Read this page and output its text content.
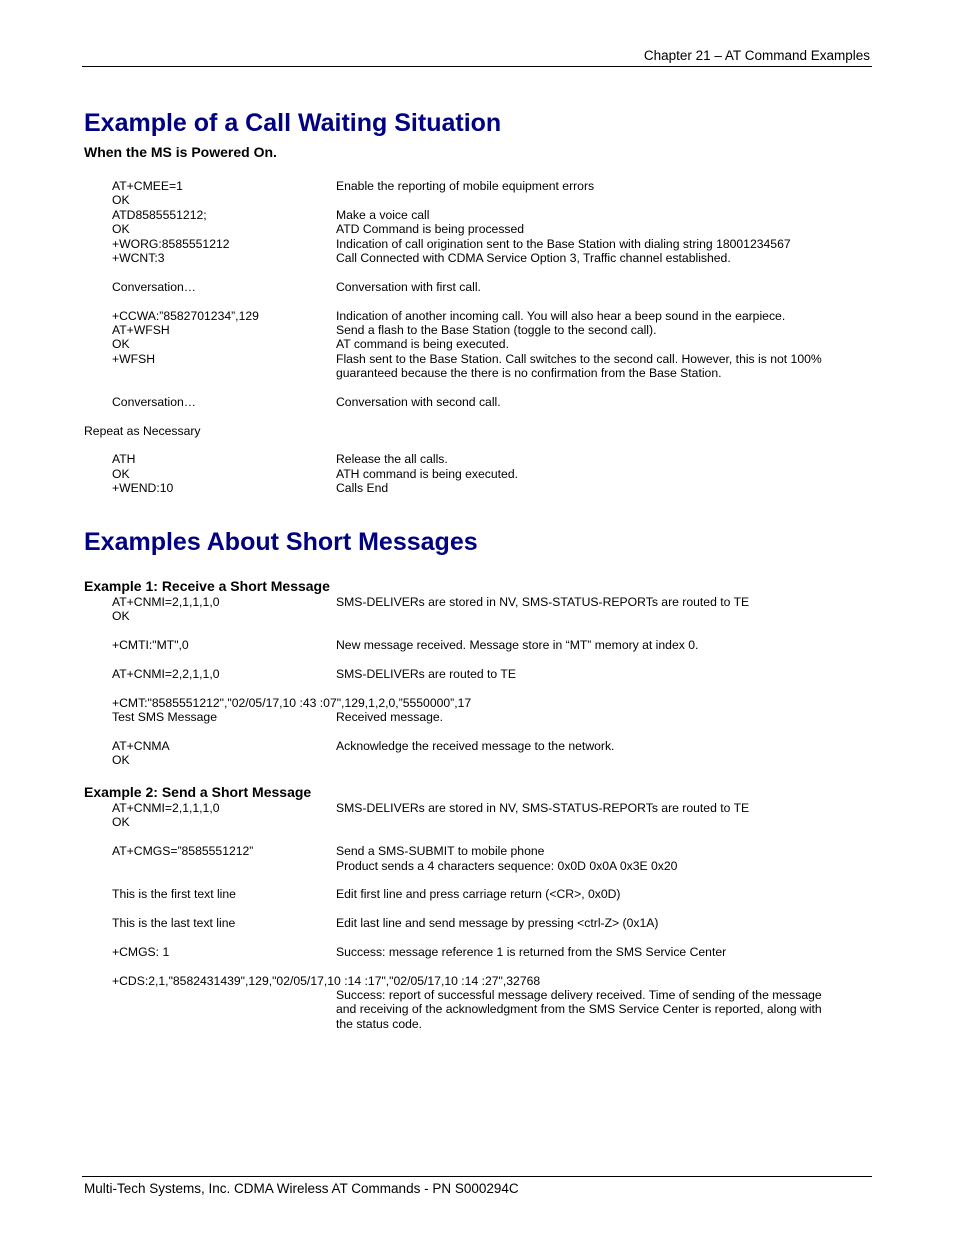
Chapter 21 – AT Command Examples
Example of a Call Waiting Situation
When the MS is Powered On.
AT+CMEE=1	Enable the reporting of mobile equipment errors
OK
ATD8585551212;	Make a voice call
OK	ATD Command is being processed
+WORG:8585551212	Indication of call origination sent to the Base Station with dialing string 18001234567
+WCNT:3	Call Connected with CDMA Service Option 3, Traffic channel established.
Conversation…	Conversation with first call.
+CCWA:”8582701234”,129	Indication of another incoming call. You will also hear a beep sound in the earpiece.
AT+WFSH	Send a flash to the Base Station (toggle to the second call).
OK	AT command is being executed.
+WFSH	Flash sent to the Base Station. Call switches to the second call. However, this is not 100%
guaranteed because the there is no confirmation from the Base Station.
Conversation…	Conversation with second call.
Repeat as Necessary
ATH	Release the all calls.
OK	ATH command is being executed.
+WEND:10	Calls End
Examples About Short Messages
Example 1: Receive a Short Message
AT+CNMI=2,1,1,1,0	SMS-DELIVERs are stored in NV, SMS-STATUS-REPORTs are routed to TE
OK
+CMTI:"MT",0	New message received. Message store in “MT” memory at index 0.
AT+CNMI=2,2,1,1,0	SMS-DELIVERs are routed to TE
+CMT:"8585551212","02/05/17,10 :43 :07",129,1,2,0,”5550000”,17
Test SMS Message	Received message.
AT+CNMA	Acknowledge the received message to the network.
OK
Example 2: Send a Short Message
AT+CNMI=2,1,1,1,0	SMS-DELIVERs are stored in NV, SMS-STATUS-REPORTs are routed to TE
OK
AT+CMGS=”8585551212”	Send a SMS-SUBMIT to mobile phone
Product sends a 4 characters sequence: 0x0D 0x0A 0x3E 0x20
This is the first text line	Edit first line and press carriage return (<CR>, 0x0D)
This is the last text line	Edit last line and send message by pressing <ctrl-Z> (0x1A)
+CMGS: 1	Success: message reference 1 is returned from the SMS Service Center
+CDS:2,1,"8582431439",129,"02/05/17,10 :14 :17","02/05/17,10 :14 :27",32768
Success: report of successful message delivery received. Time of sending of the message
and receiving of the acknowledgment from the SMS Service Center is reported, along with
the status code.
Multi-Tech Systems, Inc. CDMA Wireless AT Commands - PN S000294C
